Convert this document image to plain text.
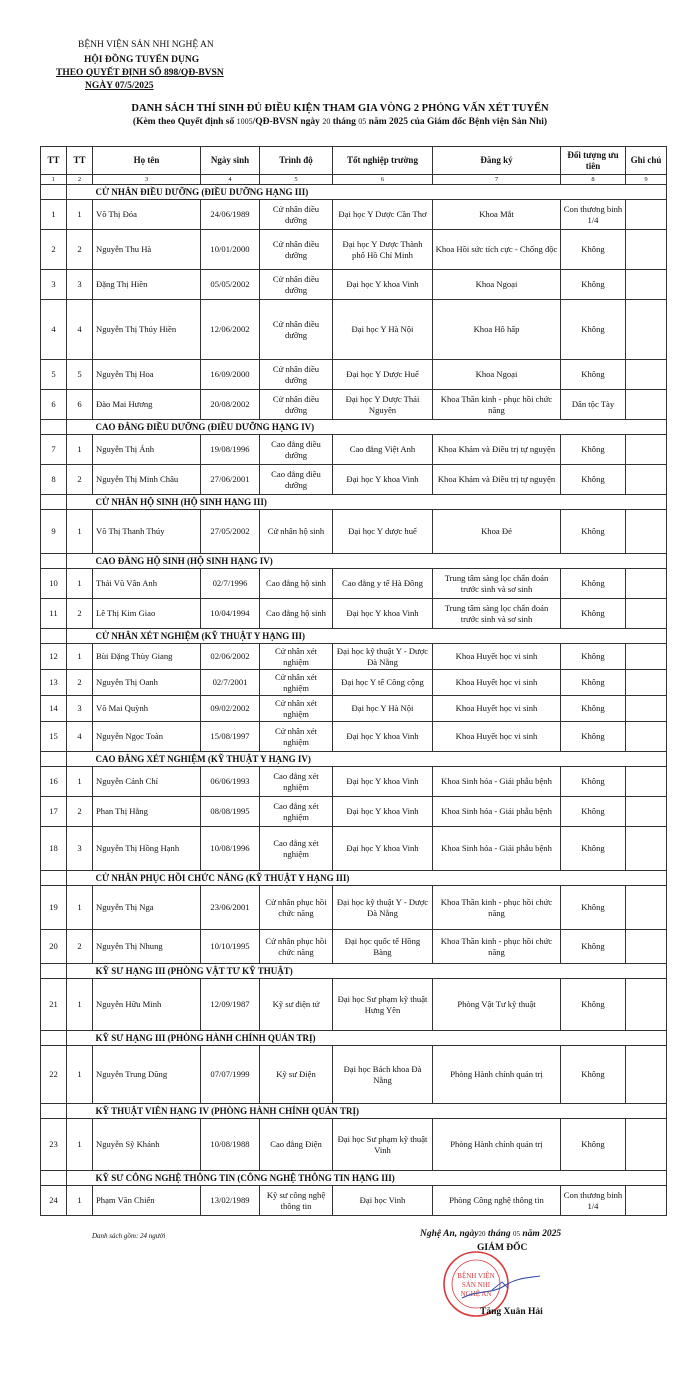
BỆNH VIỆN SẢN NHI NGHỆ AN
HỘI ĐỒNG TUYỂN DỤNG
THEO QUYẾT ĐỊNH SỐ 898/QĐ-BVSN
NGÀY 07/5/2025
DANH SÁCH THÍ SINH ĐỦ ĐIỀU KIỆN THAM GIA VÒNG 2 PHỎNG VẤN XÉT TUYỂN
(Kèm theo Quyết định số 1005/QĐ-BVSN ngày 20 tháng 05 năm 2025 của Giám đốc Bệnh viện Sản Nhi)
TT	TT	Họ tên	Ngày sinh	Trình độ	Tốt nghiệp trường	Đăng ký	Đối tượng ưu tiên	Ghi chú
1	2	3	4	5	6	7	8	9
		CỬ NHÂN ĐIỀU DƯỠNG (ĐIỀU DƯỠNG HẠNG III)						
1	1	Võ Thị Đóa	24/06/1989	Cử nhân điều dưỡng	Đại học Y Dược Cần Thơ	Khoa Mắt	Con thương binh 1/4	
2	2	Nguyễn Thu Hà	10/01/2000	Cử nhân điều dưỡng	Đại học Y Dược Thành phố Hồ Chí Minh	Khoa Hồi sức tích cực - Chống độc	Không	
3	3	Đặng Thị Hiền	05/05/2002	Cử nhân điều dưỡng	Đại học Y khoa Vinh	Khoa Ngoại	Không	
4	4	Nguyễn Thị Thúy Hiền	12/06/2002	Cử nhân điều dưỡng	Đại học Y Hà Nội	Khoa Hô hấp	Không	
5	5	Nguyễn Thị Hoa	16/09/2000	Cử nhân điều dưỡng	Đại học Y Dược Huế	Khoa Ngoại	Không	
6	6	Đào Mai Hương	20/08/2002	Cử nhân điều dưỡng	Đại học Y Dược Thái Nguyên	Khoa Thần kinh - phục hồi chức năng	Dân tộc Tày	
		CAO ĐẲNG ĐIỀU DƯỠNG (ĐIỀU DƯỠNG HẠNG IV)						
7	1	Nguyễn Thị Ánh	19/08/1996	Cao đẳng điều dưỡng	Cao đẳng Việt Anh	Khoa Khám và Điều trị tự nguyện	Không	
8	2	Nguyễn Thị Minh Châu	27/06/2001	Cao đẳng điều dưỡng	Đại học Y khoa Vinh	Khoa Khám và Điều trị tự nguyện	Không	
		CỬ NHÂN HỘ SINH (HỘ SINH HẠNG III)						
9	1	Võ Thị Thanh Thúy	27/05/2002	Cử nhân hộ sinh	Đại học Y dược huế	Khoa Đẻ	Không	
		CAO ĐẲNG HỘ SINH (HỘ SINH HẠNG IV)						
10	1	Thái Vũ Vân Anh	02/7/1996	Cao đẳng hộ sinh	Cao đẳng y tế Hà Đông	Trung tâm sàng lọc chẩn đoán trước sinh và sơ sinh	Không	
11	2	Lê Thị Kim Giao	10/04/1994	Cao đẳng hộ sinh	Đại học Y khoa Vinh	Trung tâm sàng lọc chẩn đoán trước sinh và sơ sinh	Không	
		CỬ NHÂN XÉT NGHIỆM (KỸ THUẬT Y HẠNG III)						
12	1	Bùi Đặng Thùy Giang	02/06/2002	Cử nhân xét nghiệm	Đại học kỹ thuật Y - Dược Đà Nẵng	Khoa Huyết học vi sinh	Không	
13	2	Nguyễn Thị Oanh	02/7/2001	Cử nhân xét nghiệm	Đại học Y tế Công cộng	Khoa Huyết học vi sinh	Không	
14	3	Võ Mai Quỳnh	09/02/2002	Cử nhân xét nghiệm	Đại học Y Hà Nội	Khoa Huyết học vi sinh	Không	
15	4	Nguyễn Ngọc Toàn	15/08/1997	Cử nhân xét nghiệm	Đại học Y khoa Vinh	Khoa Huyết học vi sinh	Không	
		CAO ĐẲNG XÉT NGHIỆM (KỸ THUẬT Y HẠNG IV)						
16	1	Nguyễn Cảnh Chí	06/06/1993	Cao đẳng xét nghiệm	Đại học Y khoa Vinh	Khoa Sinh hóa - Giải phẫu bệnh	Không	
17	2	Phan Thị Hằng	08/08/1995	Cao đẳng xét nghiệm	Đại học Y khoa Vinh	Khoa Sinh hóa - Giải phẫu bệnh	Không	
18	3	Nguyễn Thị Hồng Hạnh	10/08/1996	Cao đẳng xét nghiệm	Đại học Y khoa Vinh	Khoa Sinh hóa - Giải phẫu bệnh	Không	
		CỬ NHÂN PHỤC HỒI CHỨC NĂNG (KỸ THUẬT Y HẠNG III)						
19	1	Nguyễn Thị Nga	23/06/2001	Cử nhân phục hồi chức năng	Đại học kỹ thuật Y - Dược Đà Nẵng	Khoa Thần kinh - phục hồi chức năng	Không	
20	2	Nguyễn Thị Nhung	10/10/1995	Cử nhân phục hồi chức năng	Đại học quốc tế Hồng Bàng	Khoa Thần kinh - phục hồi chức năng	Không	
		KỸ SƯ HẠNG III (PHÒNG VẬT TƯ KỸ THUẬT)						
21	1	Nguyễn Hữu Minh	12/09/1987	Kỹ sư điện tử	Đại học Sư phạm kỹ thuật Hưng Yên	Phòng Vật Tư kỹ thuật	Không	
		KỸ SƯ HẠNG III (PHÒNG HÀNH CHÍNH QUẢN TRỊ)						
22	1	Nguyễn Trung Dũng	07/07/1999	Kỹ sư Điện	Đại học Bách khoa Đà Nẵng	Phòng Hành chính quản trị	Không	
		KỸ THUẬT VIÊN HẠNG IV (PHÒNG HÀNH CHÍNH QUẢN TRỊ)						
23	1	Nguyễn Sỹ Khánh	10/08/1988	Cao đẳng Điện	Đại học Sư phạm kỹ thuật Vinh	Phòng Hành chính quản trị	Không	
		KỸ SƯ CÔNG NGHỆ THÔNG TIN (CÔNG NGHỆ THÔNG TIN HẠNG III)						
24	1	Phạm Văn Chiến	13/02/1989	Kỹ sư công nghệ thông tin	Đại học Vinh	Phòng Công nghệ thông tin	Con thương binh 1/4	
Danh sách gồm: 24 người	Nghệ An, ngày20 tháng 05 năm 2025
GIÁM ĐỐC
BỆNH VIỆN
SẢN NHI
NGHỆ AN
Tăng Xuân Hải
